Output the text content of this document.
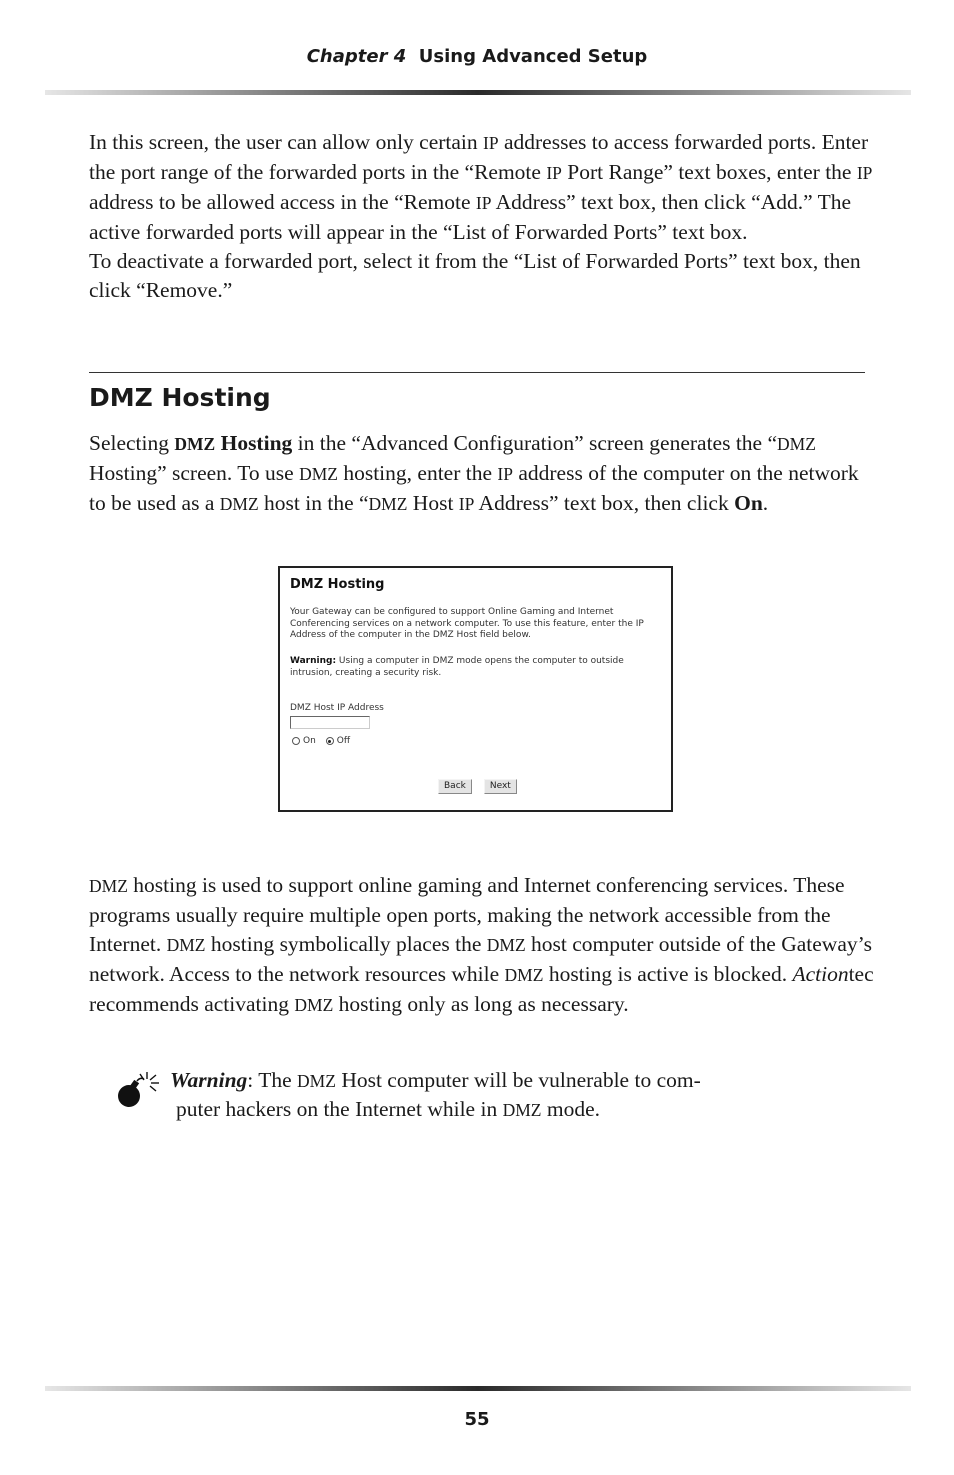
Chapter 4 Using Advanced Setup

In this screen, the user can allow only certain IP addresses to access forwarded ports. Enter the port range of the forwarded ports in the “Remote IP Port Range” text boxes, enter the IP address to be allowed access in the “Remote IP Address” text box, then click “Add.” The active forwarded ports will appear in the “List of Forwarded Ports” text box.

To deactivate a forwarded port, select it from the “List of Forwarded Ports” text box, then click “Remove.”

DMZ Hosting

Selecting DMZ Hosting in the “Advanced Configuration” screen generates the “DMZ Hosting” screen. To use DMZ hosting, enter the IP address of the computer on the network to be used as a DMZ host in the “DMZ Host IP Address” text box, then click On.

DMZ Hosting
Your Gateway can be configured to support Online Gaming and Internet Conferencing services on a network computer. To use this feature, enter the IP Address of the computer in the DMZ Host field below.
Warning: Using a computer in DMZ mode opens the computer to outside intrusion, creating a security risk.
DMZ Host IP Address
On Off
Back	Next

DMZ hosting is used to support online gaming and Internet conferencing services. These programs usually require multiple open ports, making the network accessible from the Internet. DMZ hosting symbolically places the DMZ host computer outside of the Gateway’s network. Access to the network resources while DMZ hosting is active is blocked. Actiontec recommends activating DMZ hosting only as long as necessary.

Warning: The DMZ Host computer will be vulnerable to com-
puter hackers on the Internet while in DMZ mode.
55
